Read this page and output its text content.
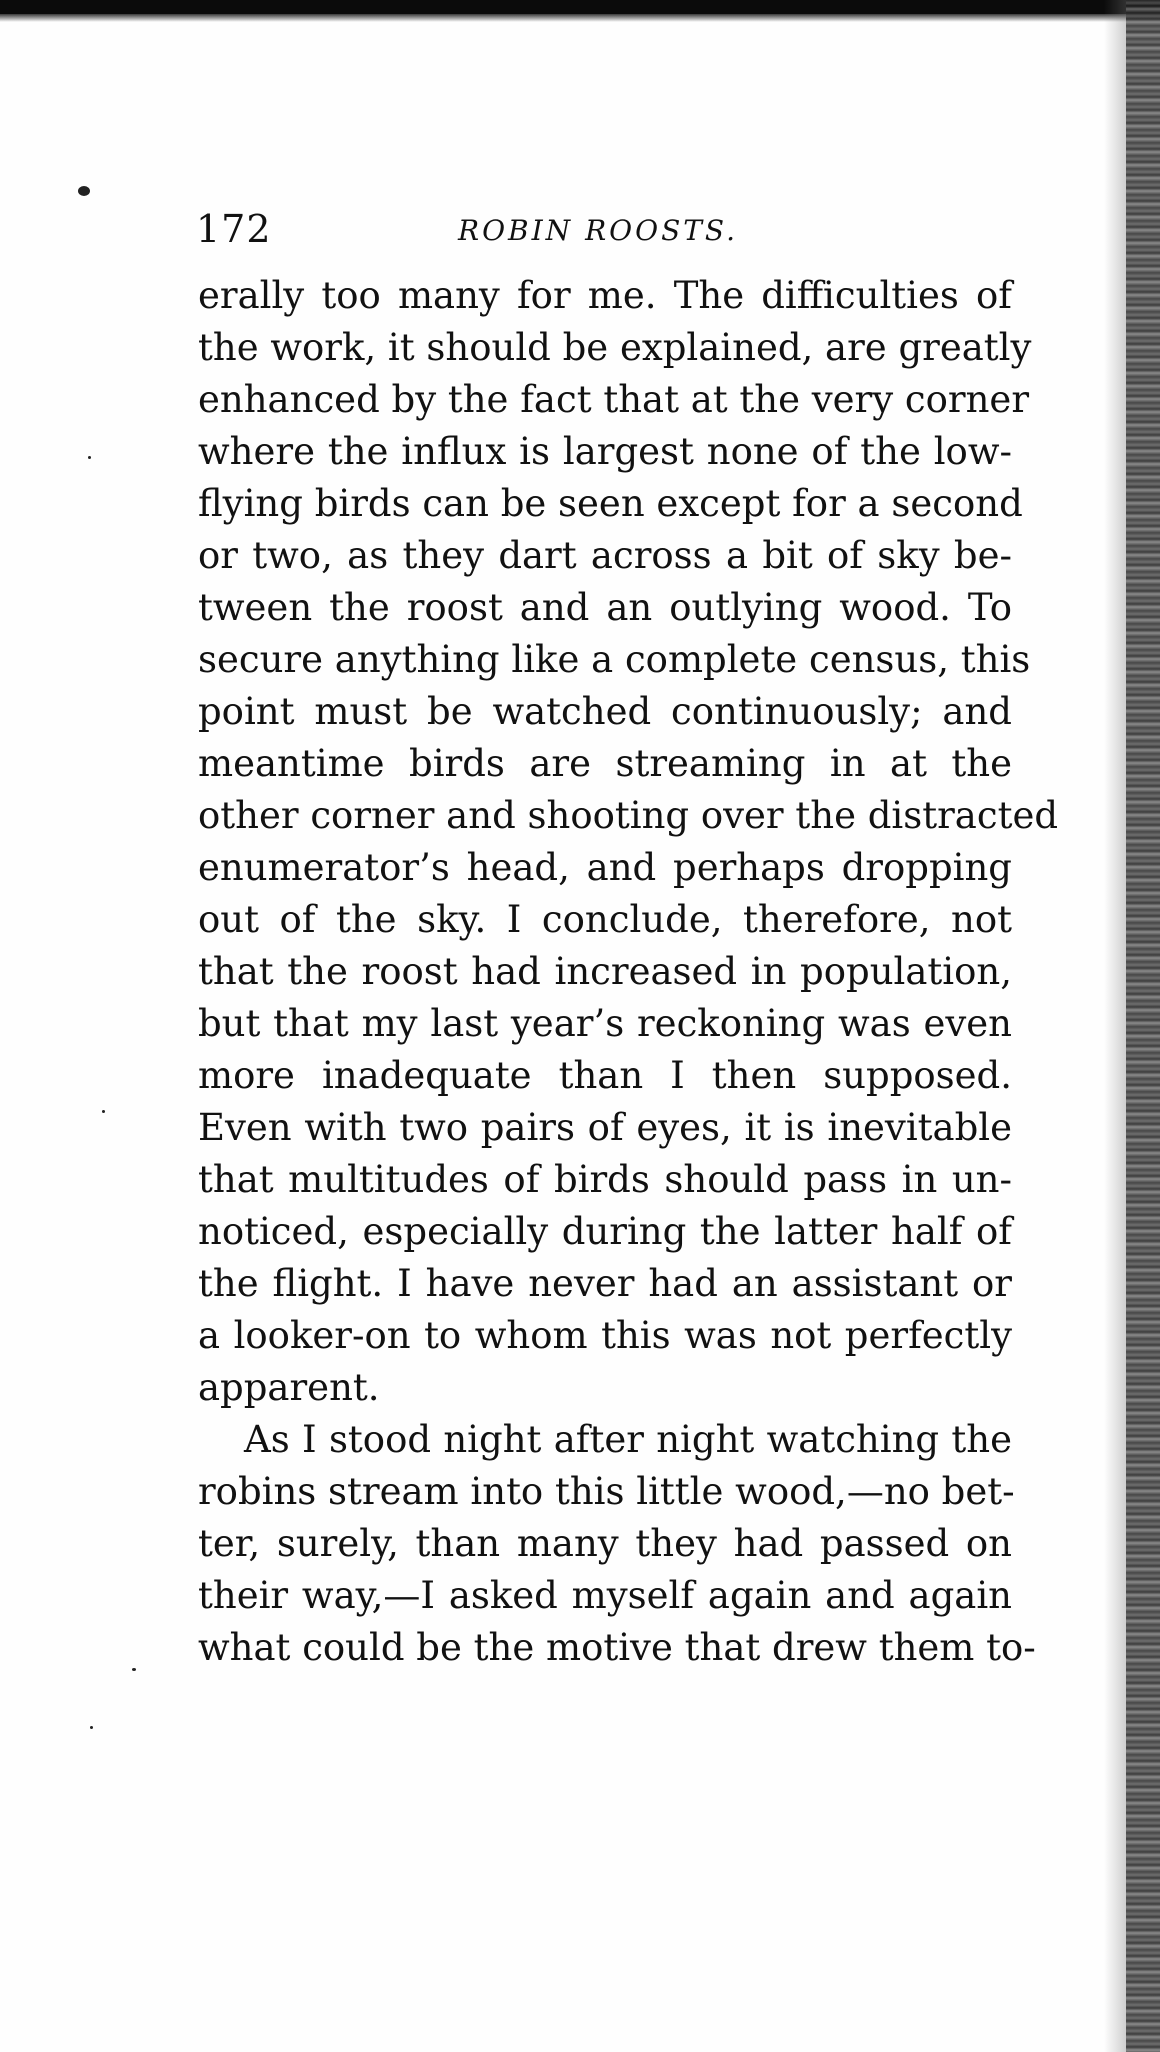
172	ROBIN ROOSTS.
erally too many for me. The difficulties of
the work, it should be explained, are greatly
enhanced by the fact that at the very corner
where the influx is largest none of the low-
flying birds can be seen except for a second
or two, as they dart across a bit of sky be-
tween the roost and an outlying wood. To
secure anything like a complete census, this
point must be watched continuously; and
meantime birds are streaming in at the
other corner and shooting over the distracted
enumerator’s head, and perhaps dropping
out of the sky. I conclude, therefore, not
that the roost had increased in population,
but that my last year’s reckoning was even
more inadequate than I then supposed.
Even with two pairs of eyes, it is inevitable
that multitudes of birds should pass in un-
noticed, especially during the latter half of
the flight. I have never had an assistant or
a looker-on to whom this was not perfectly
apparent.
As I stood night after night watching the
robins stream into this little wood,—no bet-
ter, surely, than many they had passed on
their way,—I asked myself again and again
what could be the motive that drew them to-
